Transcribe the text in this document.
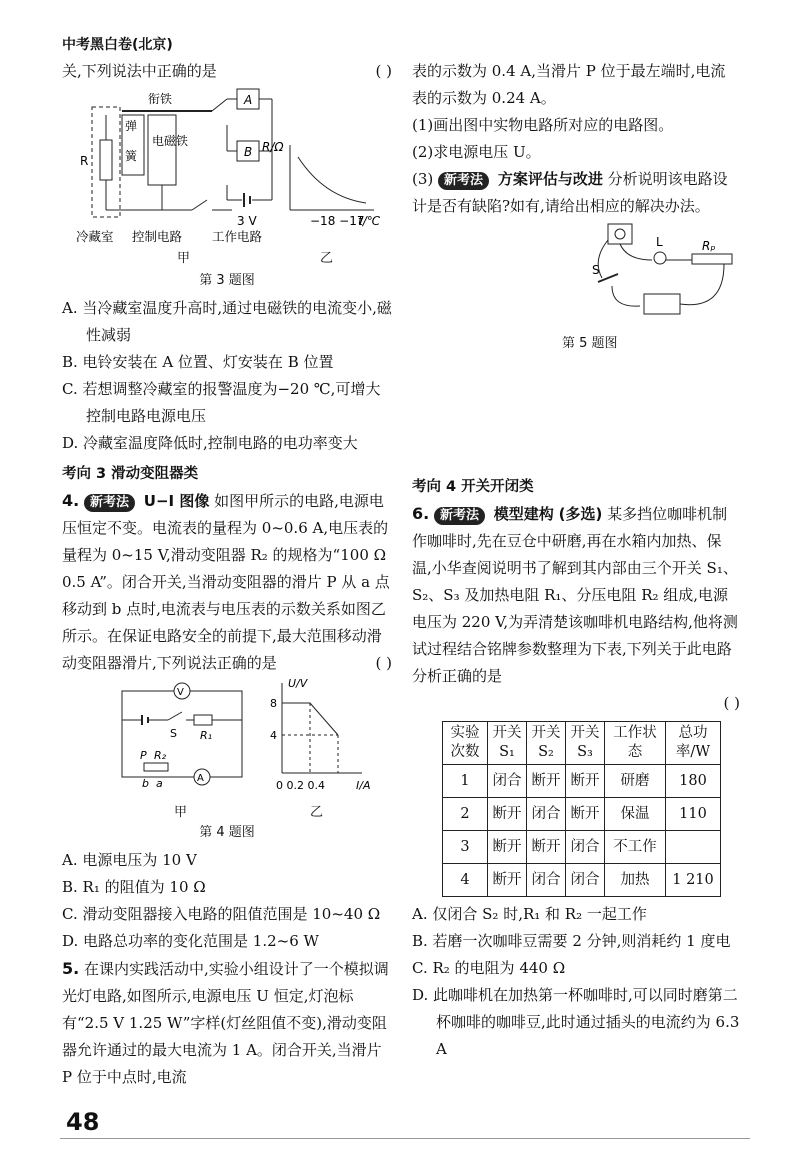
中考黑白卷(北京)

关,下列说法中正确的是	( )

R
弹
簧
电磁铁
衔铁	A
B
3 V
冷藏室 控制电路 工作电路
R/Ω
−18 −17
t/℃
甲	乙

第 3 题图

A. 当冷藏室温度升高时,通过电磁铁的电流变小,磁性减弱

B. 电铃安装在 A 位置、灯安装在 B 位置

C. 若想调整冷藏室的报警温度为−20 ℃,可增大控制电路电源电压

D. 冷藏室温度降低时,控制电路的电功率变大

考向 3 滑动变阻器类

4. 新考法 U−I 图像 如图甲所示的电路,电源电压恒定不变。电流表的量程为 0~0.6 A,电压表的量程为 0~15 V,滑动变阻器 R₂ 的规格为“100 Ω 0.5 A”。闭合开关,当滑动变阻器的滑片 P 从 a 点移动到 b 点时,电流表与电压表的示数关系如图乙所示。在保证电路安全的前提下,最大范围移动滑动变阻器滑片,下列说法正确的是	( )

V
S R₁
P R₂
b a	A
U/V
8
4
0 0.2 0.4	I/A
甲	乙

第 4 题图

A. 电源电压为 10 V

B. R₁ 的阻值为 10 Ω

C. 滑动变阻器接入电路的阻值范围是 10~40 Ω

D. 电路总功率的变化范围是 1.2~6 W

5. 在课内实践活动中,实验小组设计了一个模拟调光灯电路,如图所示,电源电压 U 恒定,灯泡标有“2.5 V 1.25 W”字样(灯丝阻值不变),滑动变阻器允许通过的最大电流为 1 A。闭合开关,当滑片 P 位于中点时,电流

表的示数为 0.4 A,当滑片 P 位于最左端时,电流表的示数为 0.24 A。

(1)画出图中实物电路所对应的电路图。

(2)求电源电压 U。

(3) 新考法 方案评估与改进 分析说明该电路设计是否有缺陷?如有,请给出相应的解决办法。

L	Rₚ
S

第 5 题图

考向 4 开关开闭类

6. 新考法 模型建构 (多选) 某多挡位咖啡机制作咖啡时,先在豆仓中研磨,再在水箱内加热、保温,小华查阅说明书了解到其内部由三个开关 S₁、S₂、S₃ 及加热电阻 R₁、分压电阻 R₂ 组成,电源电压为 220 V,为弄清楚该咖啡机电路结构,他将测试过程结合铭牌参数整理为下表,下列关于此电路分析正确的是

( )

实验次数	开关S₁	开关S₂	开关S₃	工作状态	总功率/W
1	闭合	断开	断开	研磨	180
2	断开	闭合	断开	保温	110
3	断开	断开	闭合	不工作	
4	断开	闭合	闭合	加热	1 210

A. 仅闭合 S₂ 时,R₁ 和 R₂ 一起工作

B. 若磨一次咖啡豆需要 2 分钟,则消耗约 1 度电

C. R₂ 的电阻为 440 Ω

D. 此咖啡机在加热第一杯咖啡时,可以同时磨第二杯咖啡的咖啡豆,此时通过插头的电流约为 6.3 A

48
